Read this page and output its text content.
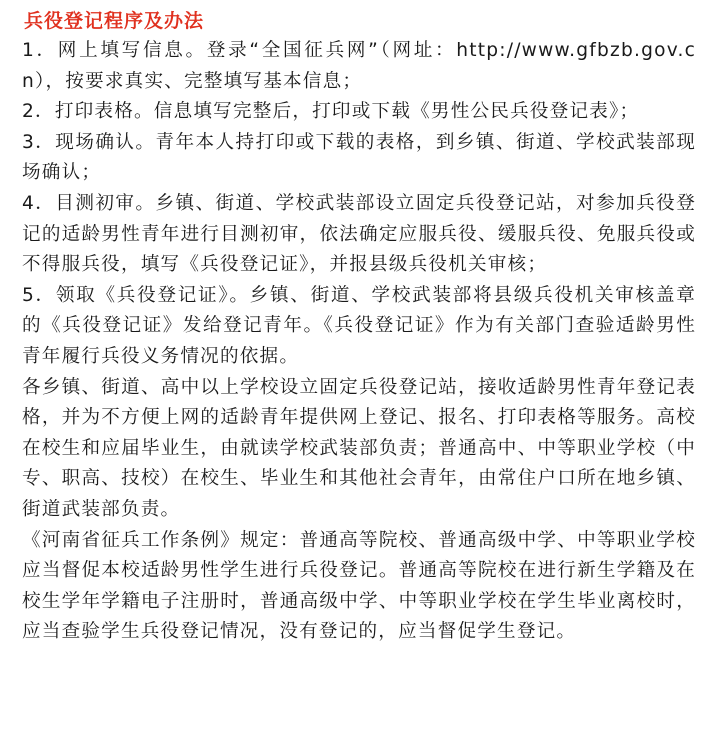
兵役登记程序及办法

1．网上填写信息。登录“全国征兵网”（网址：http://www.gfbzb.gov.cn），按要求真实、完整填写基本信息；

2．打印表格。信息填写完整后，打印或下载《男性公民兵役登记表》；

3．现场确认。青年本人持打印或下载的表格，到乡镇、街道、学校武装部现场确认；

4．目测初审。乡镇、街道、学校武装部设立固定兵役登记站，对参加兵役登记的适龄男性青年进行目测初审，依法确定应服兵役、缓服兵役、免服兵役或不得服兵役，填写《兵役登记证》，并报县级兵役机关审核；

5．领取《兵役登记证》。乡镇、街道、学校武装部将县级兵役机关审核盖章的《兵役登记证》发给登记青年。《兵役登记证》作为有关部门查验适龄男性青年履行兵役义务情况的依据。

各乡镇、街道、高中以上学校设立固定兵役登记站，接收适龄男性青年登记表格，并为不方便上网的适龄青年提供网上登记、报名、打印表格等服务。高校在校生和应届毕业生，由就读学校武装部负责；普通高中、中等职业学校（中专、职高、技校）在校生、毕业生和其他社会青年，由常住户口所在地乡镇、街道武装部负责。

《河南省征兵工作条例》规定：普通高等院校、普通高级中学、中等职业学校应当督促本校适龄男性学生进行兵役登记。普通高等院校在进行新生学籍及在校生学年学籍电子注册时，普通高级中学、中等职业学校在学生毕业离校时，应当查验学生兵役登记情况，没有登记的，应当督促学生登记。
